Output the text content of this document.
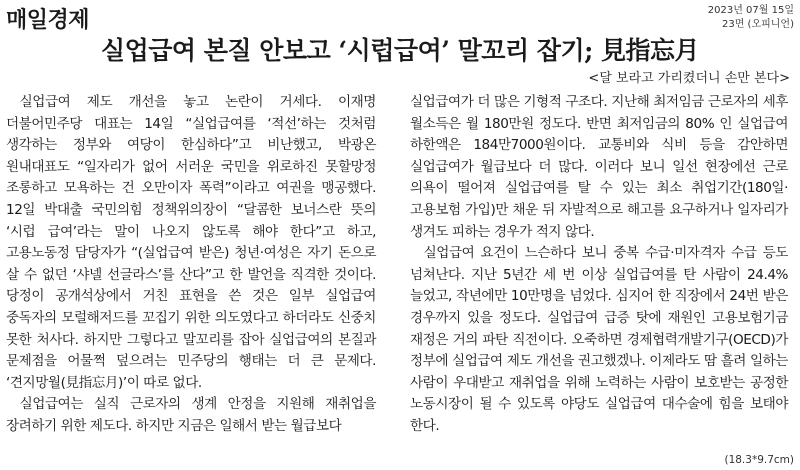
매일경제	2023년 07월 15일
23면 (오피니언)
실업급여 본질 안보고 ‘시럽급여’ 말꼬리 잡기; 見指忘月
<달 보라고 가리켰더니 손만 본다>

실업급여 제도 개선을 놓고 논란이 거세다. 이재명 더불어민주당 대표는 14일 “실업급여를 ‘적선’하는 것처럼 생각하는 정부와 여당이 한심하다”고 비난했고, 박광온 원내대표도 “일자리가 없어 서러운 국민을 위로하진 못할망정 조롱하고 모욕하는 건 오만이자 폭력”이라고 여권을 맹공했다. 12일 박대출 국민의힘 정책위의장이 “달콤한 보너스란 뜻의 ‘시럽 급여’라는 말이 나오지 않도록 해야 한다”고 하고, 고용노동정 담당자가 “(실업급여 받은) 청년·여성은 자기 돈으로 살 수 없던 ‘샤넬 선글라스’를 산다”고 한 발언을 직격한 것이다. 당정이 공개석상에서 거친 표현을 쓴 것은 일부 실업급여 중독자의 모럴해저드를 꼬집기 위한 의도였다고 하더라도 신중치 못한 처사다. 하지만 그렇다고 말꼬리를 잡아 실업급여의 본질과 문제점을 어물쩍 덮으려는 민주당의 행태는 더 큰 문제다. ‘견지망월(見指忘月)’이 따로 없다.

실업급여는 실직 근로자의 생계 안정을 지원해 재취업을 장려하기 위한 제도다. 하지만 지금은 일해서 받는 월급보다

실업급여가 더 많은 기형적 구조다. 지난해 최저임금 근로자의 세후 월소득은 월 180만원 정도다. 반면 최저임금의 80% 인 실업급여 하한액은 184만7000원이다. 교통비와 식비 등을 감안하면 실업급여가 월급보다 더 많다. 이러다 보니 일선 현장에선 근로 의욕이 떨어져 실업급여를 탈 수 있는 최소 취업기간(180일·고용보험 가입)만 채운 뒤 자발적으로 해고를 요구하거나 일자리가 생겨도 피하는 경우가 적지 않다.

실업급여 요건이 느슨하다 보니 중복 수급·미자격자 수급 등도 넘쳐난다. 지난 5년간 세 번 이상 실업급여를 탄 사람이 24.4% 늘었고, 작년에만 10만명을 넘었다. 심지어 한 직장에서 24번 받은 경우까지 있을 정도다. 실업급여 급증 탓에 재원인 고용보험기금 재정은 거의 파탄 직전이다. 오죽하면 경제협력개발기구(OECD)가 정부에 실업급여 제도 개선을 권고했겠나. 이제라도 땀 흘려 일하는 사람이 우대받고 재취업을 위해 노력하는 사람이 보호받는 공정한 노동시장이 될 수 있도록 야당도 실업급여 대수술에 힘을 보태야 한다.

(18.3*9.7cm)
